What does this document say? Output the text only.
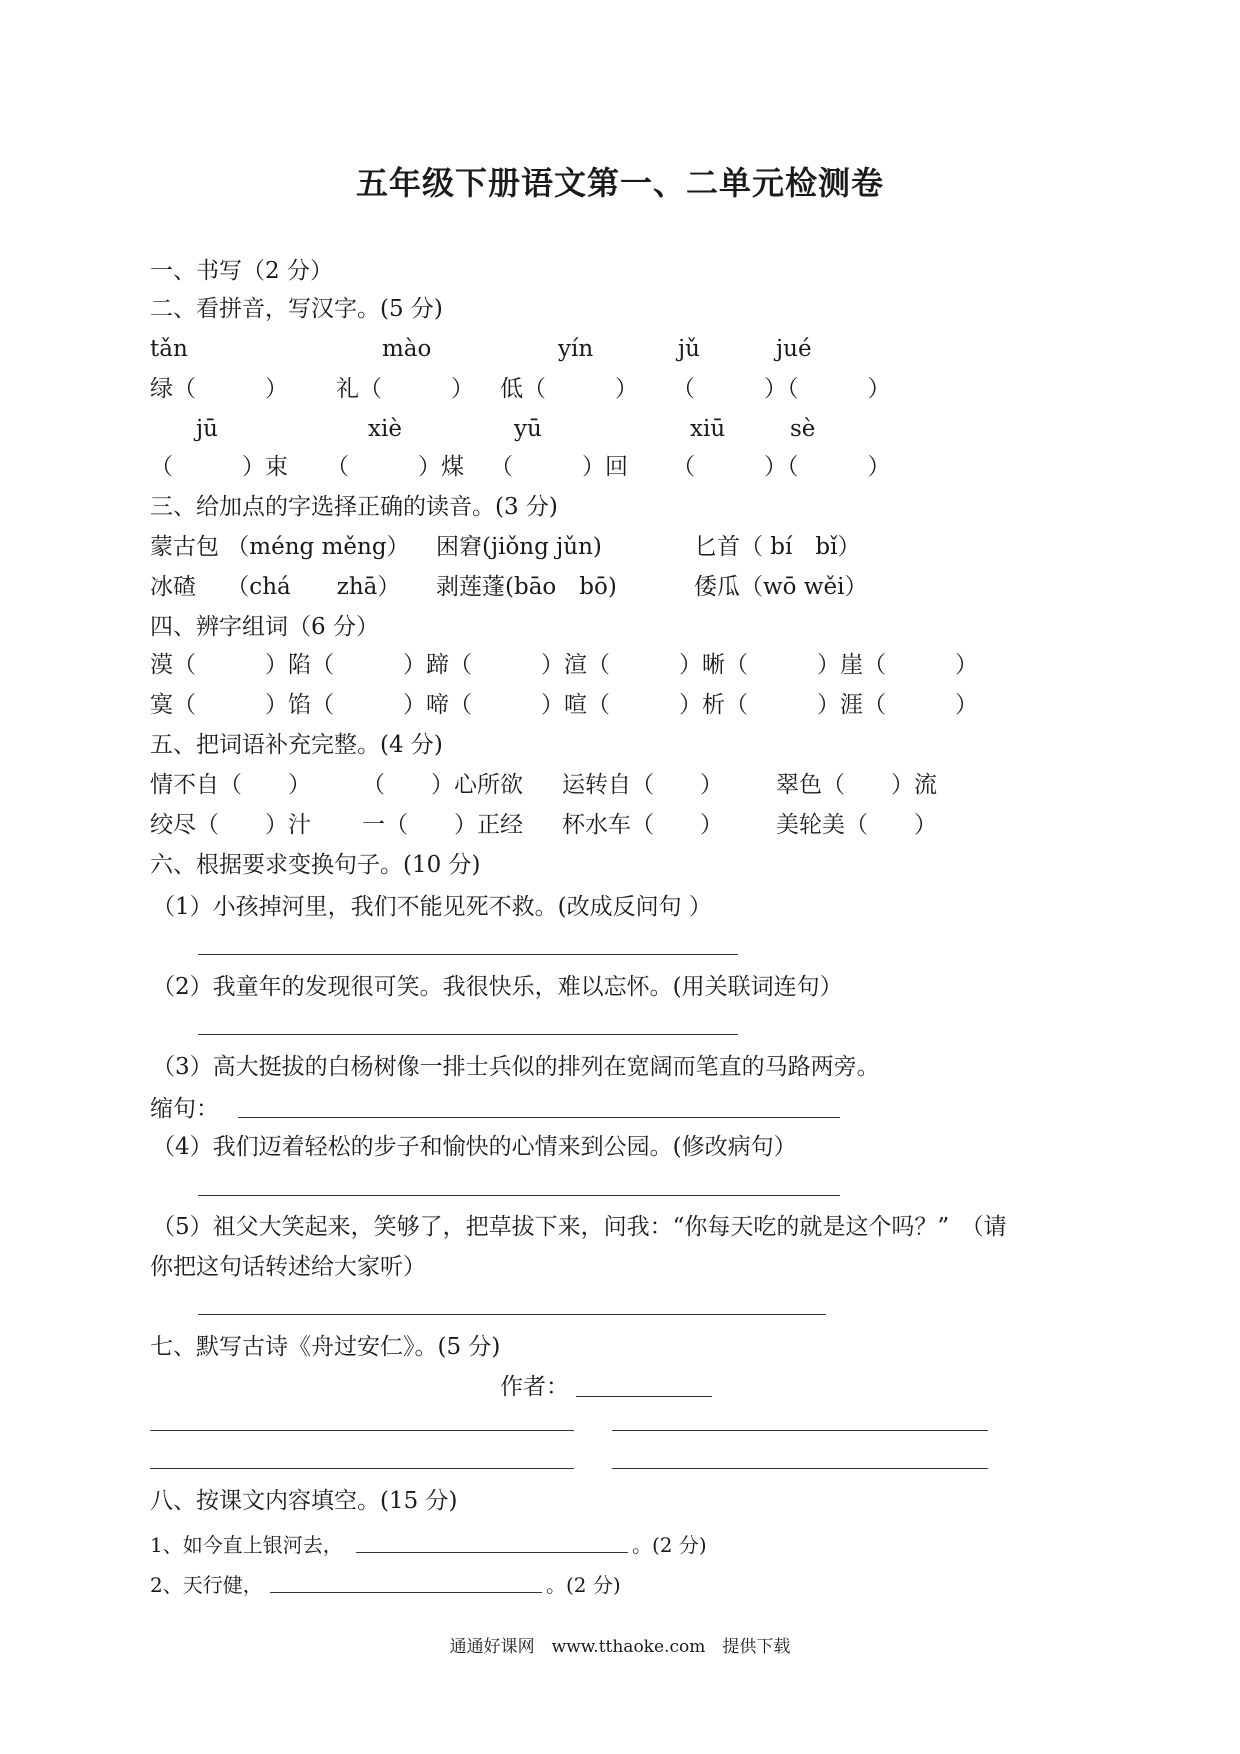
五年级下册语文第一、二单元检测卷
一、书写（2 分）
二、看拼音，写汉字。(5 分)
tǎn	mào	yín	jǔ	jué
绿（　　　） 礼（　　　） 低（　　　） （　　　）（　　　）
jū	xiè	yū	xiū	sè
（　　　）束 （　　　）煤 （　　　）回 （　　　）（　　　）
三、给加点的字选择正确的读音。(3 分)
蒙古包 （méng měng） 困窘(jiǒng jǔn)	匕首（ bí　bǐ）
冰碴　 （chá　　zhā） 剥莲蓬(bāo　bō)	倭瓜（wō wěi）
四、辨字组词（6 分）
漠（　　　） 陷（　　　） 蹄（　　　） 渲（　　　） 晰（　　　） 崖（　　　）
寞（　　　） 馅（　　　） 啼（　　　） 喧（　　　） 析（　　　） 涯（　　　）
五、把词语补充完整。(4 分)
情不自（　　） （　　）心所欲 运转自（　　） 翠色（　　）流
绞尽（　　）汁 一（　　）正经 杯水车（　　） 美轮美（　　）
六、根据要求变换句子。(10 分)
（1）小孩掉河里，我们不能见死不救。(改成反问句 ）
（2）我童年的发现很可笑。我很快乐，难以忘怀。(用关联词连句）
（3）高大挺拔的白杨树像一排士兵似的排列在宽阔而笔直的马路两旁。
缩句：
（4）我们迈着轻松的步子和愉快的心情来到公园。(修改病句）
（5）祖父大笑起来，笑够了，把草拔下来，问我：“你每天吃的就是这个吗？”　（请
你把这句话转述给大家听）
七、默写古诗《舟过安仁》。(5 分)
作者：
八、按课文内容填空。(15 分)
1、如今直上银河去，	。(2 分)
2、天行健，	。(2 分)
通通好课网　www.tthaoke.com　提供下载
